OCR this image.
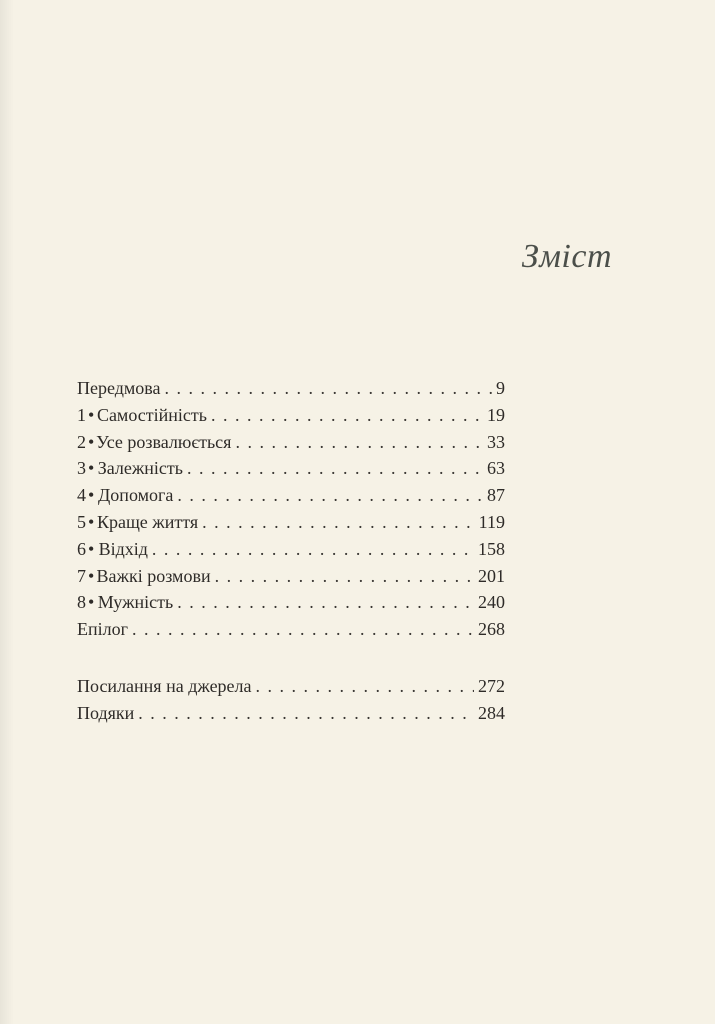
Зміст
Передмова . . .	9
1 • Самостійність . . .	19
2 • Усе розвалюється . . .	33
3 • Залежність . . .	63
4 • Допомога . . .	87
5 • Краще життя . . .	119
6 • Відхід . . .	158
7 • Важкі розмови . . .	201
8 • Мужність . . .	240
Епілог . . .	268
Посилання на джерела . . .	272
Подяки . . .	284
